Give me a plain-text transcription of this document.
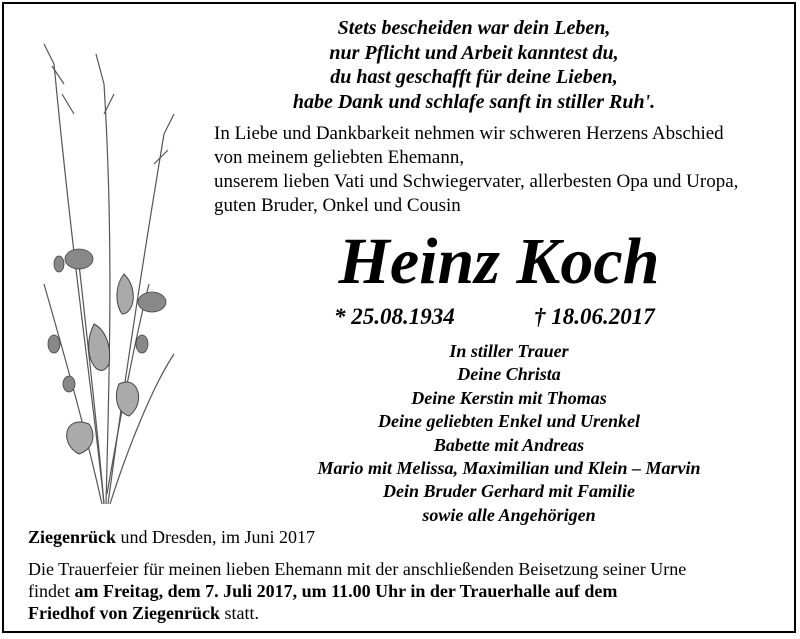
Stets bescheiden war dein Leben,
nur Pflicht und Arbeit kanntest du,
du hast geschafft für deine Lieben,
habe Dank und schlafe sanft in stiller Ruh'.
In Liebe und Dankbarkeit nehmen wir schweren Herzens Abschied
von meinem geliebten Ehemann,
unserem lieben Vati und Schwiegervater, allerbesten Opa und Uropa,
guten Bruder, Onkel und Cousin
Heinz Koch
* 25.08.1934	† 18.06.2017
In stiller Trauer
Deine Christa
Deine Kerstin mit Thomas
Deine geliebten Enkel und Urenkel
Babette mit Andreas
Mario mit Melissa, Maximilian und Klein – Marvin
Dein Bruder Gerhard mit Familie
sowie alle Angehörigen
Ziegenrück und Dresden, im Juni 2017
Die Trauerfeier für meinen lieben Ehemann mit der anschließenden Beisetzung seiner Urne
findet am Freitag, dem 7. Juli 2017, um 11.00 Uhr in der Trauerhalle auf dem
Friedhof von Ziegenrück statt.
